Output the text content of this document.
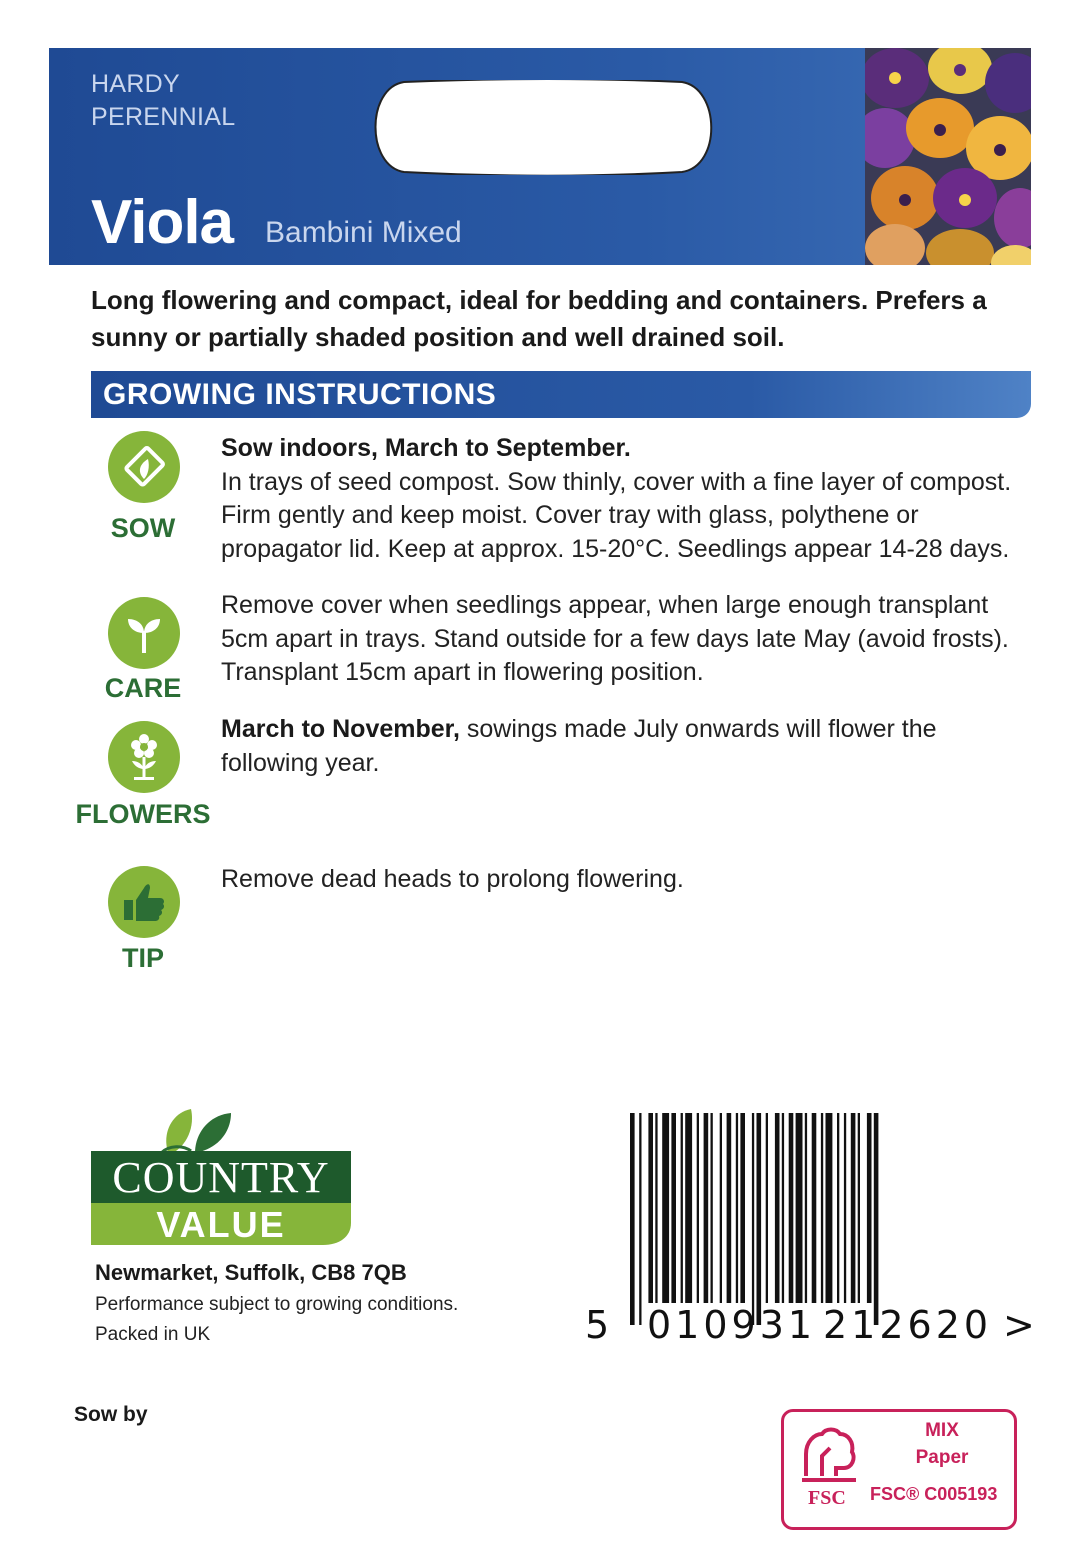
HARDY
PERENNIAL
Viola Bambini Mixed
Long flowering and compact, ideal for bedding and containers. Prefers a sunny or partially shaded position and well drained soil.
GROWING INSTRUCTIONS
SOW
Sow indoors, March to September.
In trays of seed compost. Sow thinly, cover with a fine layer of compost. Firm gently and keep moist. Cover tray with glass, polythene or propagator lid. Keep at approx. 15-20°C. Seedlings appear 14-28 days.
CARE
Remove cover when seedlings appear, when large enough transplant 5cm apart in trays. Stand outside for a few days late May (avoid frosts). Transplant 15cm apart in flowering position.
FLOWERS
March to November, sowings made July onwards will flower the following year.
TIP
Remove dead heads to prolong flowering.
COUNTRY
VALUE
Newmarket, Suffolk, CB8 7QB
Performance subject to growing conditions.
Packed in UK	5 010931 212620 >
Sow by
MIX
Paper
FSC FSC® C005193
